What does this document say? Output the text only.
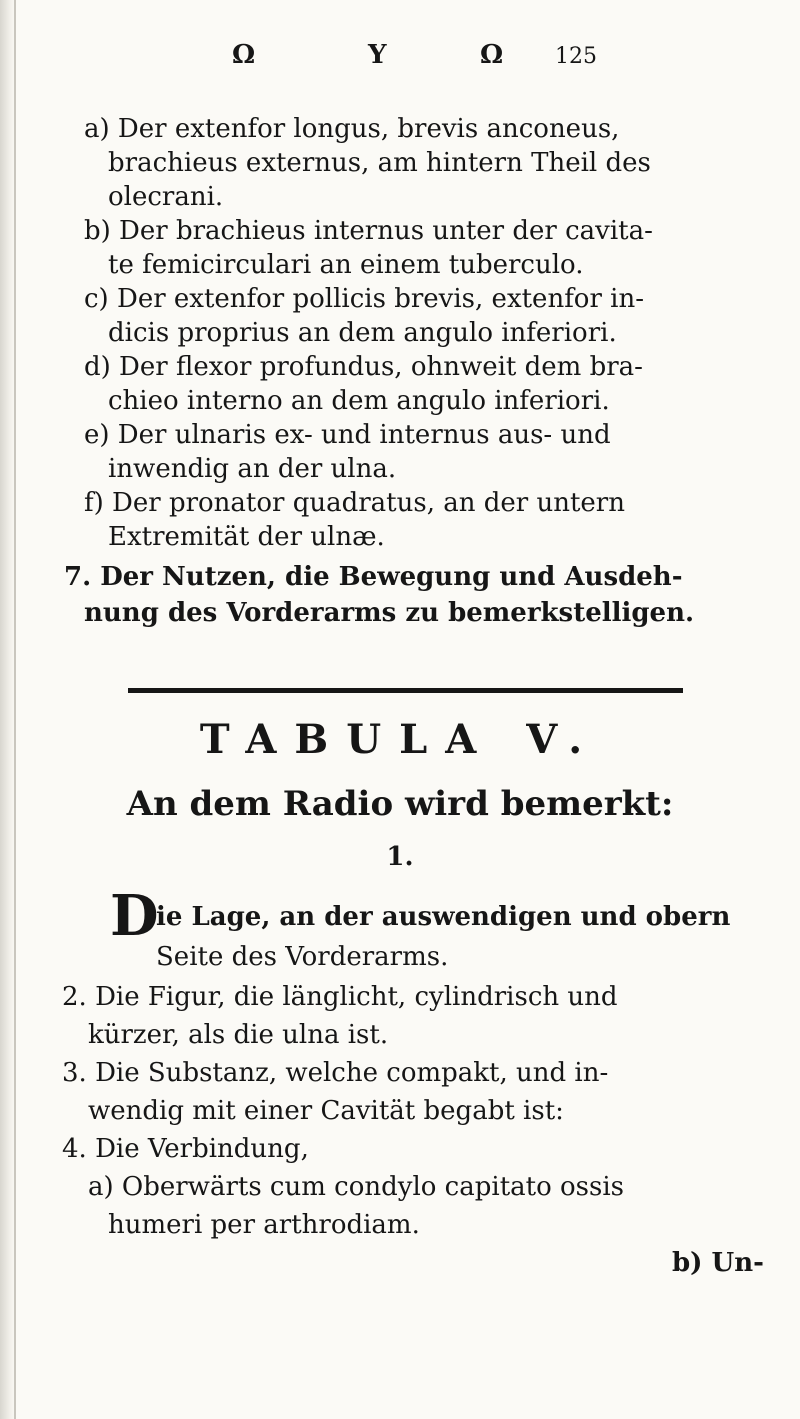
Ω	Y	Ω 125
a) Der extenfor longus, brevis anconeus,
brachieus externus, am hintern Theil des
olecrani.
b) Der brachieus internus unter der cavita-
te femicirculari an einem tuberculo.
c) Der extenfor pollicis brevis, extenfor in-
dicis proprius an dem angulo inferiori.
d) Der flexor profundus, ohnweit dem bra-
chieo interno an dem angulo inferiori.
e) Der ulnaris ex- und internus aus- und
inwendig an der ulna.
f) Der pronator quadratus, an der untern
Extremität der ulnæ.
7. Der Nutzen, die Bewegung und Ausdeh-
nung des Vorderarms zu bemerkstelligen.
TABULA V.
An dem Radio wird bemerkt:
1.
D
ie Lage, an der auswendigen und obern
Seite des Vorderarms.
2. Die Figur, die länglicht, cylindrisch und
kürzer, als die ulna ist.
3. Die Substanz, welche compakt, und in-
wendig mit einer Cavität begabt ist:
4. Die Verbindung,
a) Oberwärts cum condylo capitato ossis
humeri per arthrodiam.
b) Un-
